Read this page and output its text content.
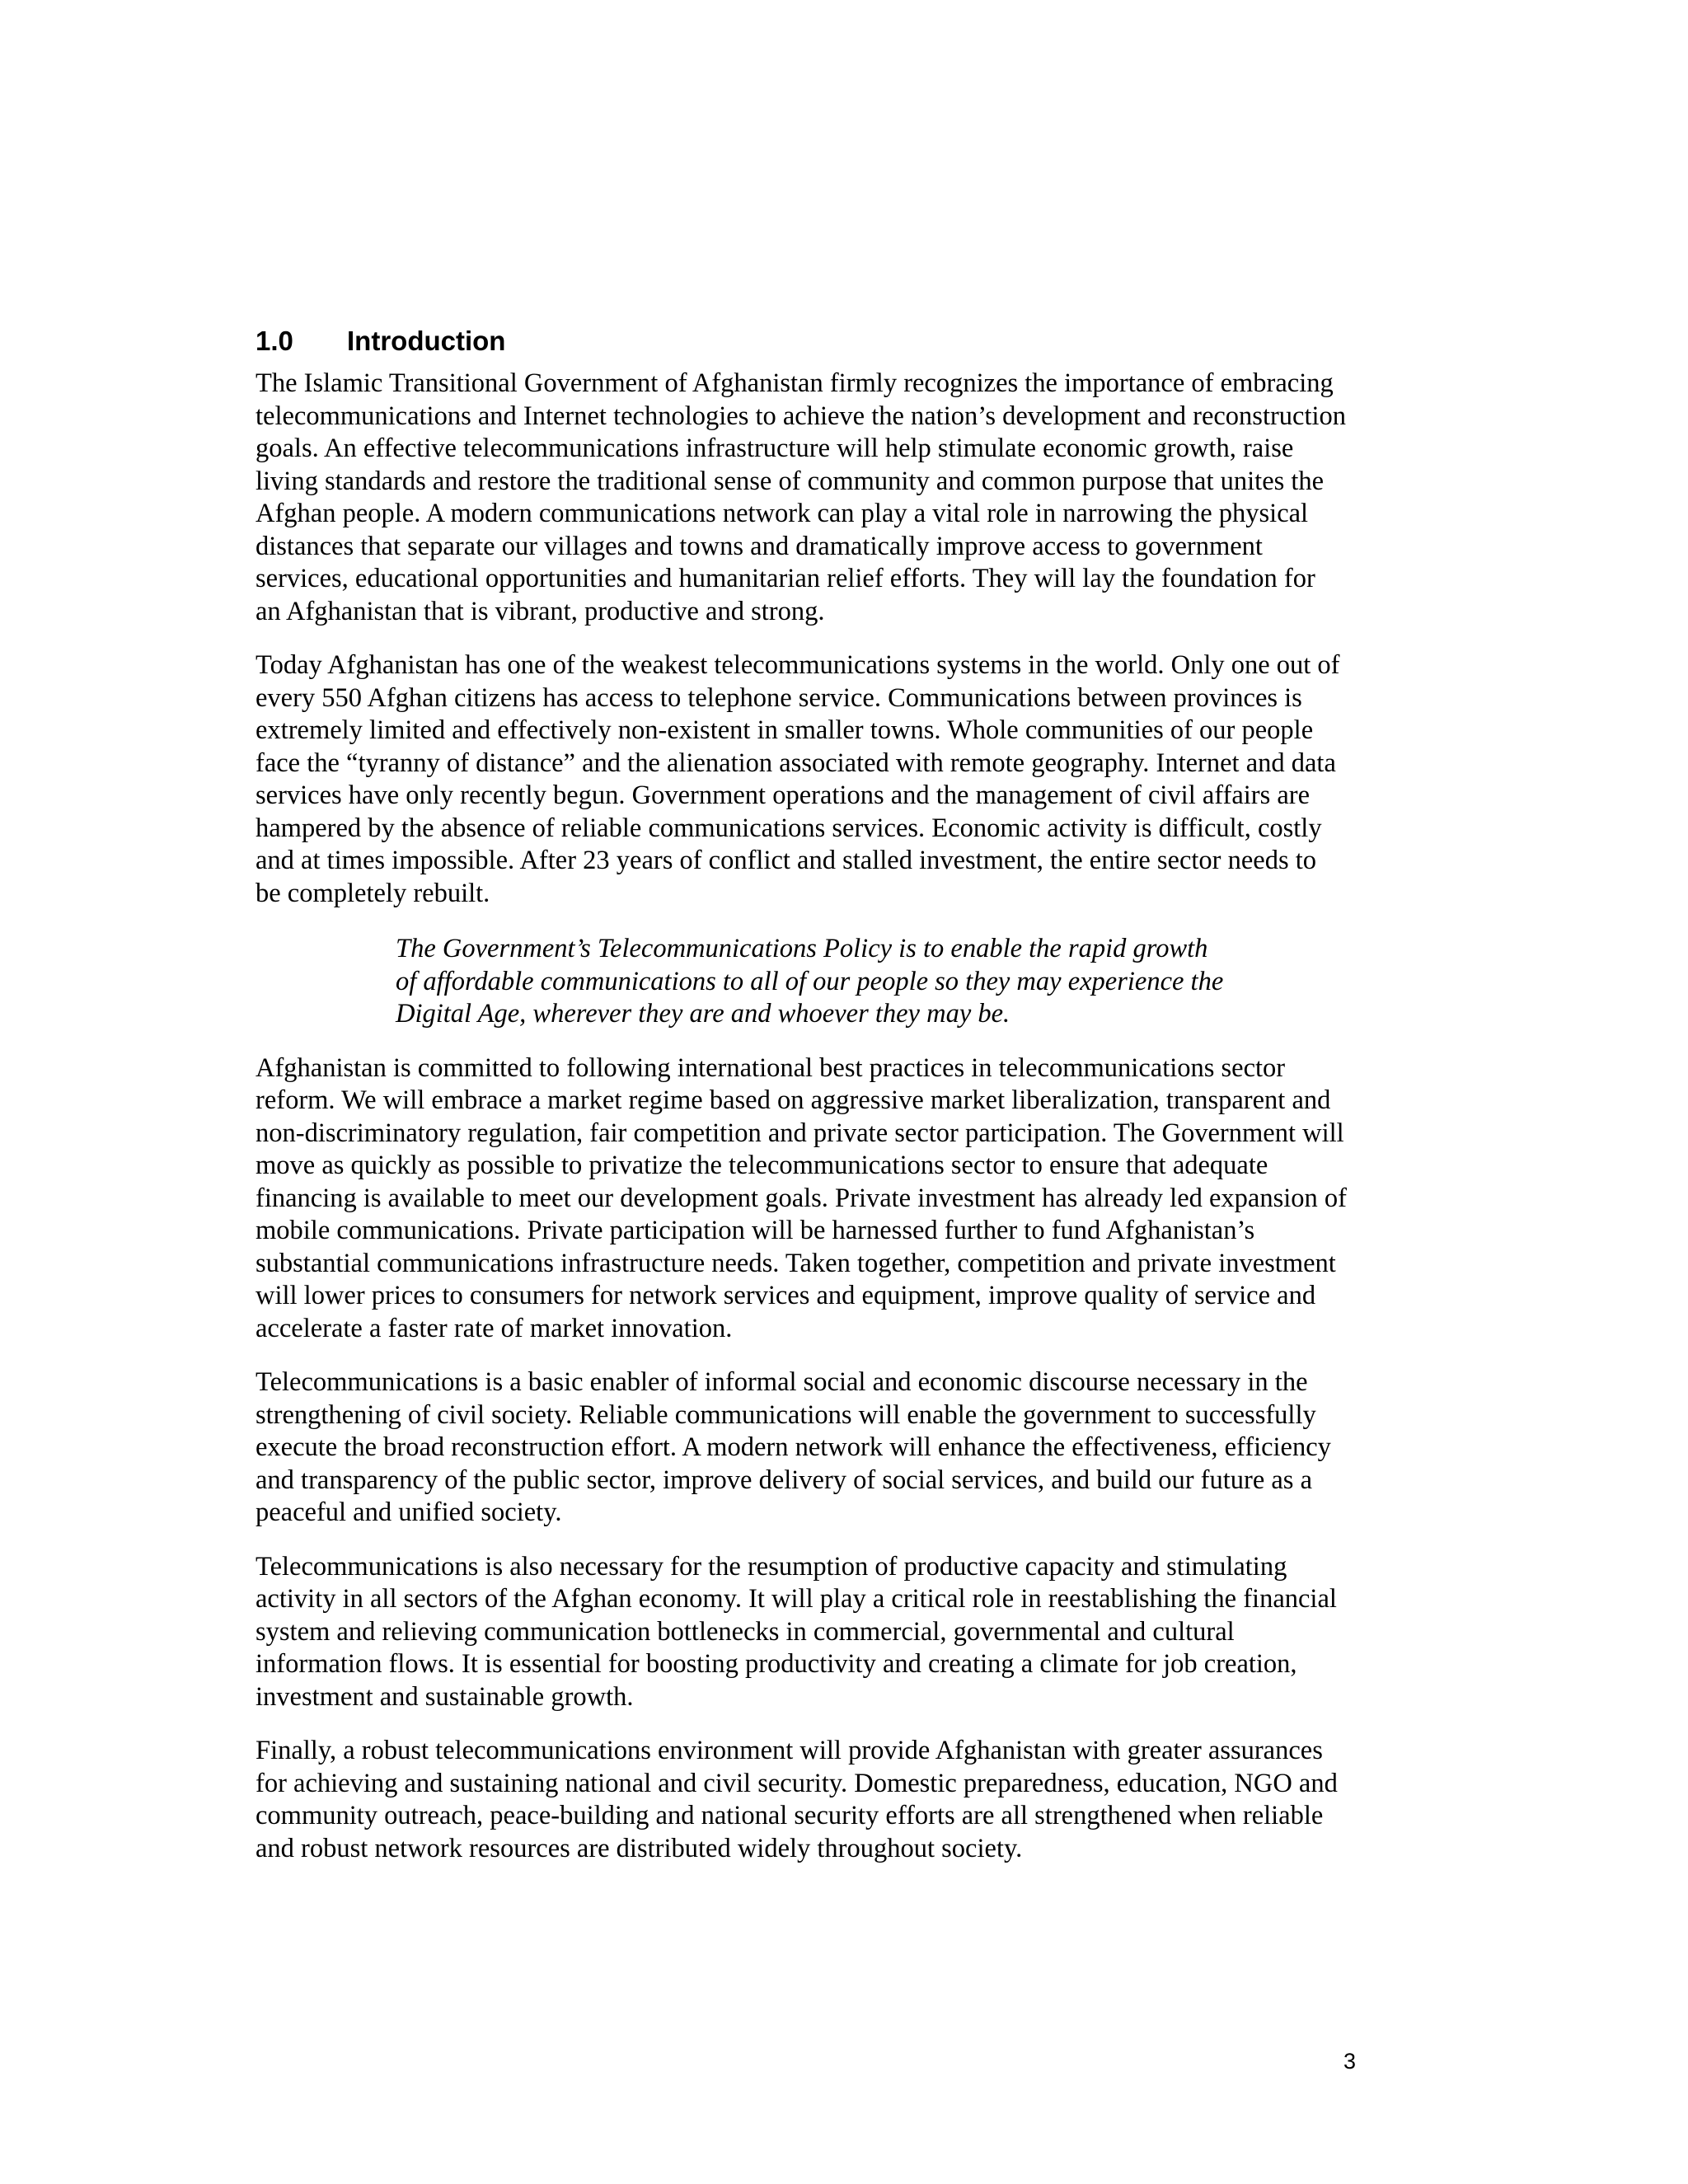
1.0 Introduction

The Islamic Transitional Government of Afghanistan firmly recognizes the importance of embracing
telecommunications and Internet technologies to achieve the nation’s development and reconstruction
goals. An effective telecommunications infrastructure will help stimulate economic growth, raise
living standards and restore the traditional sense of community and common purpose that unites the
Afghan people. A modern communications network can play a vital role in narrowing the physical
distances that separate our villages and towns and dramatically improve access to government
services, educational opportunities and humanitarian relief efforts. They will lay the foundation for
an Afghanistan that is vibrant, productive and strong.

Today Afghanistan has one of the weakest telecommunications systems in the world. Only one out of
every 550 Afghan citizens has access to telephone service. Communications between provinces is
extremely limited and effectively non-existent in smaller towns. Whole communities of our people
face the “tyranny of distance” and the alienation associated with remote geography. Internet and data
services have only recently begun. Government operations and the management of civil affairs are
hampered by the absence of reliable communications services. Economic activity is difficult, costly
and at times impossible. After 23 years of conflict and stalled investment, the entire sector needs to
be completely rebuilt.

The Government’s Telecommunications Policy is to enable the rapid growth
of affordable communications to all of our people so they may experience the
Digital Age, wherever they are and whoever they may be.

Afghanistan is committed to following international best practices in telecommunications sector
reform. We will embrace a market regime based on aggressive market liberalization, transparent and
non-discriminatory regulation, fair competition and private sector participation. The Government will
move as quickly as possible to privatize the telecommunications sector to ensure that adequate
financing is available to meet our development goals. Private investment has already led expansion of
mobile communications. Private participation will be harnessed further to fund Afghanistan’s
substantial communications infrastructure needs. Taken together, competition and private investment
will lower prices to consumers for network services and equipment, improve quality of service and
accelerate a faster rate of market innovation.

Telecommunications is a basic enabler of informal social and economic discourse necessary in the
strengthening of civil society. Reliable communications will enable the government to successfully
execute the broad reconstruction effort. A modern network will enhance the effectiveness, efficiency
and transparency of the public sector, improve delivery of social services, and build our future as a
peaceful and unified society.

Telecommunications is also necessary for the resumption of productive capacity and stimulating
activity in all sectors of the Afghan economy. It will play a critical role in reestablishing the financial
system and relieving communication bottlenecks in commercial, governmental and cultural
information flows. It is essential for boosting productivity and creating a climate for job creation,
investment and sustainable growth.

Finally, a robust telecommunications environment will provide Afghanistan with greater assurances
for achieving and sustaining national and civil security. Domestic preparedness, education, NGO and
community outreach, peace-building and national security efforts are all strengthened when reliable
and robust network resources are distributed widely throughout society.

3
